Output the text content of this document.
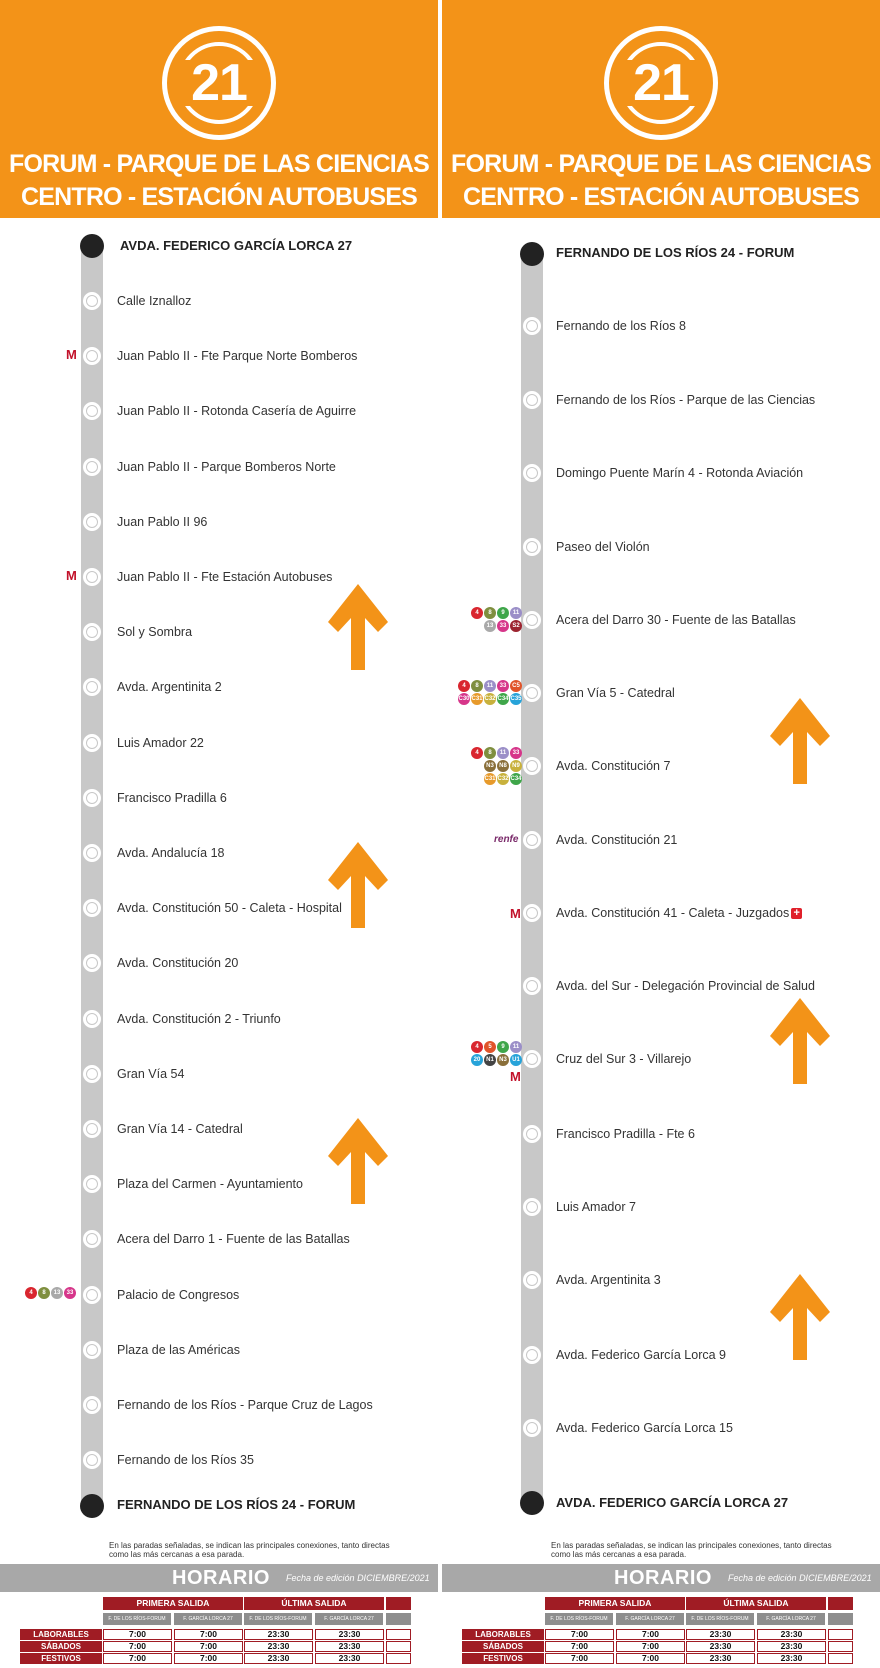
21
FORUM - PARQUE DE LAS CIENCIAS
CENTRO - ESTACIÓN AUTOBUSES
AVDA. FEDERICO GARCÍA LORCA 27
Calle Iznalloz
Juan Pablo II - Fte Parque Norte Bomberos
Juan Pablo II - Rotonda Casería de Aguirre
Juan Pablo II - Parque Bomberos Norte
Juan Pablo II 96
Juan Pablo II - Fte Estación Autobuses
Sol y Sombra
Avda. Argentinita 2
Luis Amador 22
Francisco Pradilla 6
Avda. Andalucía 18
Avda. Constitución 50 - Caleta - Hospital
Avda. Constitución 20
Avda. Constitución 2 - Triunfo
Gran Vía 54
Gran Vía 14 - Catedral
Plaza del Carmen - Ayuntamiento
Acera del Darro 1 - Fuente de las Batallas
Palacio de Congresos
Plaza de las Américas
Fernando de los Ríos - Parque Cruz de Lagos
Fernando de los Ríos 35
FERNANDO DE LOS RÍOS 24 - FORUM
M
M
4	8	13	33
En las paradas señaladas, se indican las principales conexiones, tanto directas
como las más cercanas a esa parada.
HORARIO Fecha de edición DICIEMBRE/2021
PRIMERA SALIDA	ÚLTIMA SALIDA
F. DE LOS RÍOS-FORUM	F. GARCÍA LORCA 27	F. DE LOS RÍOS-FORUM	F. GARCÍA LORCA 27
LABORABLES	7:00	7:00	23:30	23:30
SÁBADOS	7:00	7:00	23:30	23:30
FESTIVOS	7:00	7:00	23:30	23:30
21
FORUM - PARQUE DE LAS CIENCIAS
CENTRO - ESTACIÓN AUTOBUSES
FERNANDO DE LOS RÍOS 24 - FORUM
Fernando de los Ríos 8
Fernando de los Ríos - Parque de las Ciencias
Domingo Puente Marín 4 - Rotonda Aviación
Paseo del Violón
Acera del Darro 30 - Fuente de las Batallas
Gran Vía 5 - Catedral
Avda. Constitución 7
Avda. Constitución 21
Avda. Constitución 41 - Caleta - Juzgados +
Avda. del Sur - Delegación Provincial de Salud
Cruz del Sur 3 - Villarejo
Francisco Pradilla - Fte 6
Luis Amador 7
Avda. Argentinita 3
Avda. Federico García Lorca 9
Avda. Federico García Lorca 15
AVDA. FEDERICO GARCÍA LORCA 27
4	8	9	11
13	33 S2
4	8	11	33 C5
C30 C31 C32 C34 C35
4	8	11	33
N3 N8 N9
C31 C32 C34
renfe
M
4	5	9	11
20 N1 N3 U1
M
En las paradas señaladas, se indican las principales conexiones, tanto directas
como las más cercanas a esa parada.
HORARIO Fecha de edición DICIEMBRE/2021
PRIMERA SALIDA	ÚLTIMA SALIDA
F. DE LOS RÍOS-FORUM	F. GARCÍA LORCA 27	F. DE LOS RÍOS-FORUM	F. GARCÍA LORCA 27
LABORABLES	7:00	7:00	23:30	23:30
SÁBADOS	7:00	7:00	23:30	23:30
FESTIVOS	7:00	7:00	23:30	23:30
